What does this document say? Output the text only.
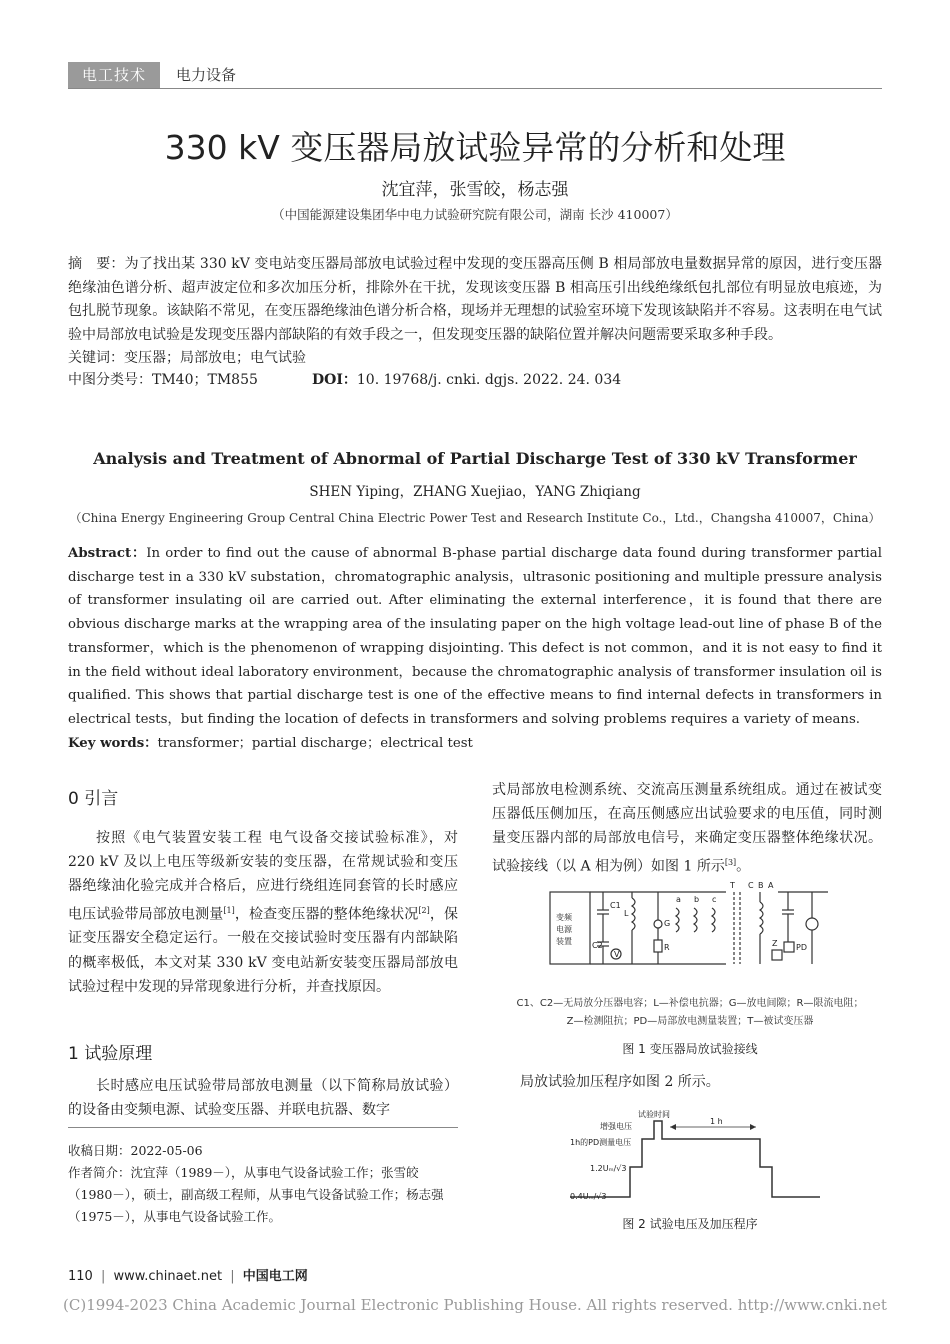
电工技术	电力设备
330 kV 变压器局放试验异常的分析和处理
沈宜萍，张雪皎，杨志强
（中国能源建设集团华中电力试验研究院有限公司，湖南 长沙 410007）
摘　要：为了找出某 330 kV 变电站变压器局部放电试验过程中发现的变压器高压侧 B 相局部放电量数据异常的原因，进行变压器绝缘油色谱分析、超声波定位和多次加压分析，排除外在干扰，发现该变压器 B 相高压引出线绝缘纸包扎部位有明显放电痕迹，为包扎脱节现象。该缺陷不常见，在变压器绝缘油色谱分析合格，现场并无理想的试验室环境下发现该缺陷并不容易。这表明在电气试验中局部放电试验是发现变压器内部缺陷的有效手段之一，但发现变压器的缺陷位置并解决问题需要采取多种手段。
关键词：变压器；局部放电；电气试验
中图分类号：TM40；TM855	DOI：10. 19768/j. cnki. dgjs. 2022. 24. 034
Analysis and Treatment of Abnormal of Partial Discharge Test of 330 kV Transformer
SHEN Yiping，ZHANG Xuejiao，YANG Zhiqiang
（China Energy Engineering Group Central China Electric Power Test and Research Institute Co.，Ltd.，Changsha 410007，China）
Abstract：In order to find out the cause of abnormal B-phase partial discharge data found during transformer partial discharge test in a 330 kV substation，chromatographic analysis，ultrasonic positioning and multiple pressure analysis of transformer insulating oil are carried out. After eliminating the external interference，it is found that there are obvious discharge marks at the wrapping area of the insulating paper on the high voltage lead-out line of phase B of the transformer，which is the phenomenon of wrapping disjointing. This defect is not common，and it is not easy to find it in the field without ideal laboratory environment，because the chromatographic analysis of transformer insulation oil is qualified. This shows that partial discharge test is one of the effective means to find internal defects in transformers in electrical tests，but finding the location of defects in transformers and solving problems requires a variety of means.
Key words：transformer；partial discharge；electrical test
0 引言
按照《电气装置安装工程 电气设备交接试验标准》，对 220 kV 及以上电压等级新安装的变压器，在常规试验和变压器绝缘油化验完成并合格后，应进行绕组连同套管的长时感应电压试验带局部放电测量[1]，检查变压器的整体绝缘状况[2]，保证变压器安全稳定运行。一般在交接试验时变压器有内部缺陷的概率极低，本文对某 330 kV 变电站新安装变压器局部放电试验过程中发现的异常现象进行分析，并查找原因。
1 试验原理
长时感应电压试验带局部放电测量（以下简称局放试验）的设备由变频电源、试验变压器、并联电抗器、数字
收稿日期：2022-05-06
作者简介：沈宜萍（1989－），从事电气设备试验工作；张雪皎（1980－），硕士，副高级工程师，从事电气设备试验工作；杨志强（1975－），从事电气设备试验工作。
式局部放电检测系统、交流高压测量系统组成。通过在被试变压器低压侧加压，在高压侧感应出试验要求的电压值，同时测量变压器内部的局部放电信号，来确定变压器整体绝缘状况。试验接线（以 A 相为例）如图 1 所示[3]。
变频
电源
装置
C1
C2
L
G
V
R
a b c
T C B A
Z PD
C1、C2—无局放分压器电容；L—补偿电抗器；G—放电间隙；R—限流电阻；
Z—检测阻抗；PD—局部放电测量装置；T—被试变压器
图 1 变压器局放试验接线
局放试验加压程序如图 2 所示。
试验时间
增强电压
1 h
1h的PD测量电压
1.2Uₘ/√3
0.4Uₘ/√3
图 2 试验电压及加压程序
110 | www.chinaet.net | 中国电工网
(C)1994-2023 China Academic Journal Electronic Publishing House. All rights reserved. http://www.cnki.net
